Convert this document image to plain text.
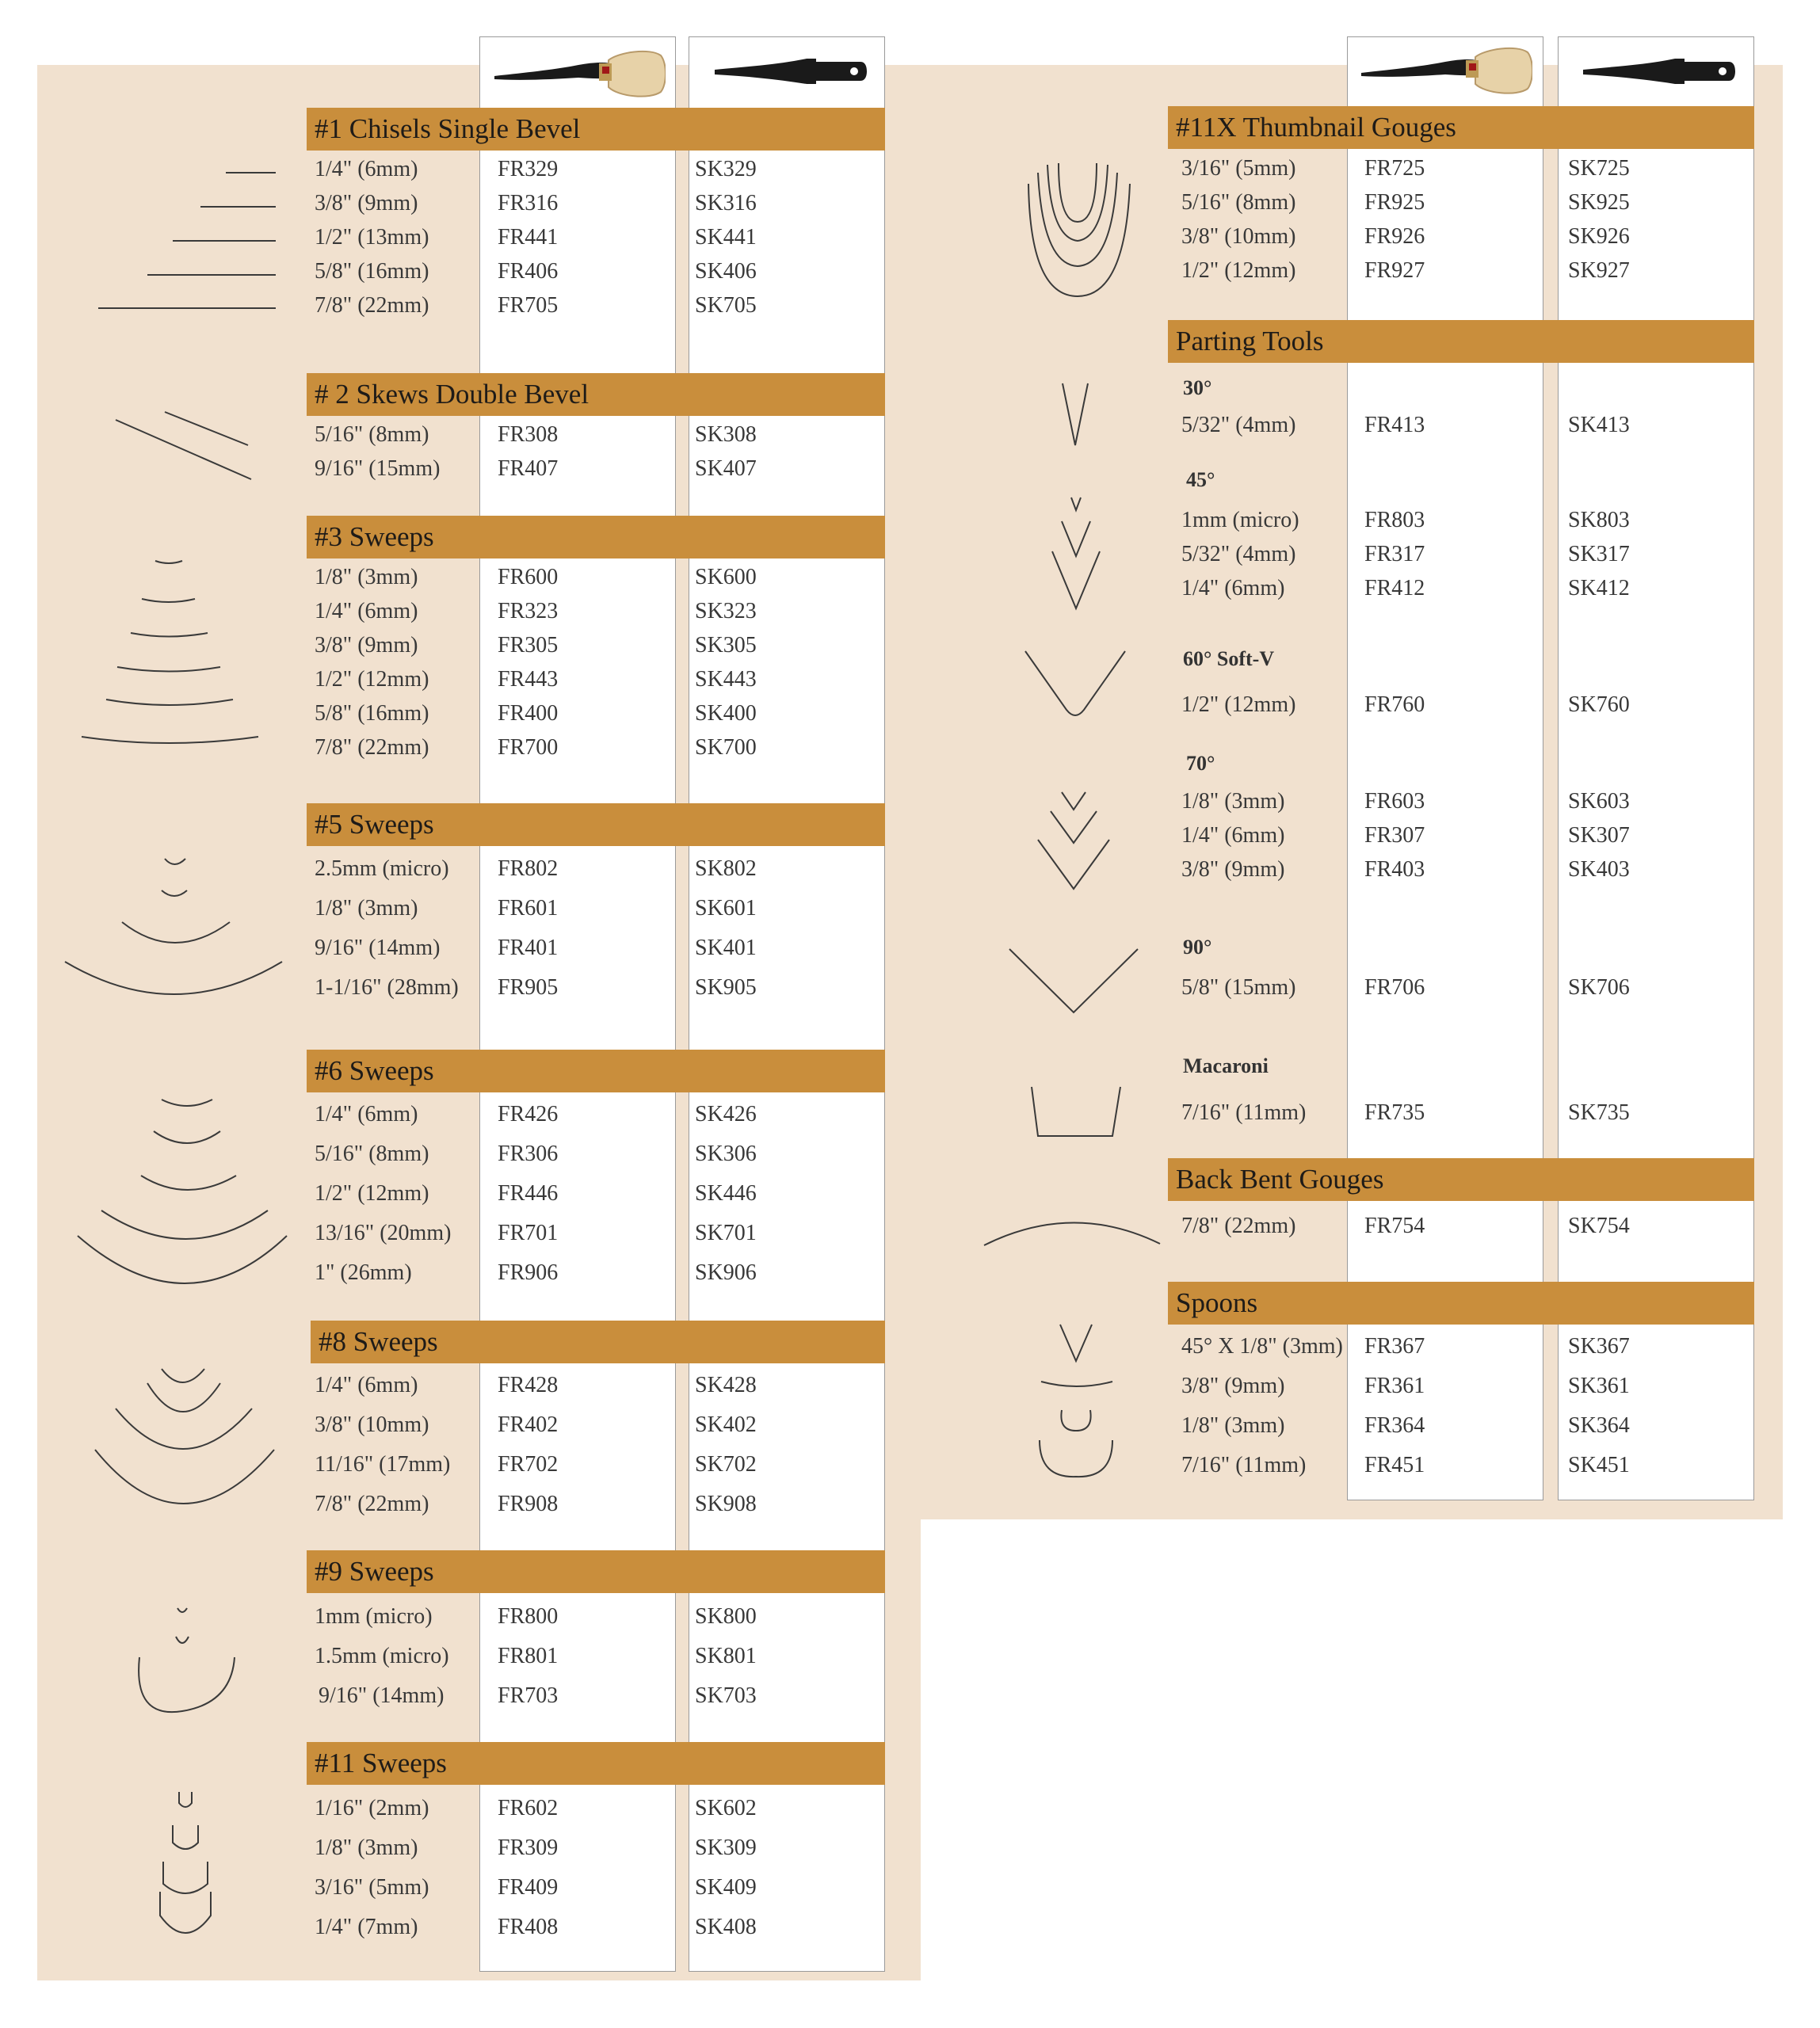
#1 Chisels Single Bevel
1/4" (6mm)	FR329	SK329
3/8" (9mm)	FR316	SK316
1/2" (13mm)	FR441	SK441
5/8" (16mm)	FR406	SK406
7/8" (22mm)	FR705	SK705
# 2 Skews Double Bevel
5/16" (8mm)	FR308	SK308
9/16" (15mm)	FR407	SK407
#3 Sweeps
1/8" (3mm)	FR600	SK600
1/4" (6mm)	FR323	SK323
3/8" (9mm)	FR305	SK305
1/2" (12mm)	FR443	SK443
5/8" (16mm)	FR400	SK400
7/8" (22mm)	FR700	SK700
#5 Sweeps
2.5mm (micro) FR802	SK802
1/8" (3mm)	FR601	SK601
9/16" (14mm)	FR401	SK401
1-1/16" (28mm) FR905	SK905
#6 Sweeps
1/4" (6mm)	FR426	SK426
5/16" (8mm)	FR306	SK306
1/2" (12mm)	FR446	SK446
13/16" (20mm) FR701	SK701
1" (26mm)	FR906	SK906
#8 Sweeps
1/4" (6mm)	FR428	SK428
3/8" (10mm)	FR402	SK402
11/16" (17mm) FR702	SK702
7/8" (22mm)	FR908	SK908
#9 Sweeps
1mm (micro)	FR800	SK800
1.5mm (micro) FR801	SK801
9/16" (14mm) FR703	SK703
#11 Sweeps
1/16" (2mm)	FR602	SK602
1/8" (3mm)	FR309	SK309
3/16" (5mm)	FR409	SK409
1/4" (7mm)	FR408	SK408
#11X Thumbnail Gouges
3/16" (5mm)	FR725	SK725
5/16" (8mm)	FR925	SK925
3/8" (10mm)	FR926	SK926
1/2" (12mm)	FR927	SK927
Parting Tools
30°
5/32" (4mm)	FR413	SK413
45°
1mm (micro)	FR803	SK803
5/32" (4mm)	FR317	SK317
1/4" (6mm)	FR412	SK412
60° Soft-V
1/2" (12mm)	FR760	SK760
70°
1/8" (3mm)	FR603	SK603
1/4" (6mm)	FR307	SK307
3/8" (9mm)	FR403	SK403
90°
5/8" (15mm)	FR706	SK706
Macaroni
7/16" (11mm)	FR735	SK735
Back Bent Gouges
7/8" (22mm)	FR754	SK754
Spoons
45° X 1/8" (3mm) FR367	SK367
3/8" (9mm)	FR361	SK361
1/8" (3mm)	FR364	SK364
7/16" (11mm)	FR451	SK451
